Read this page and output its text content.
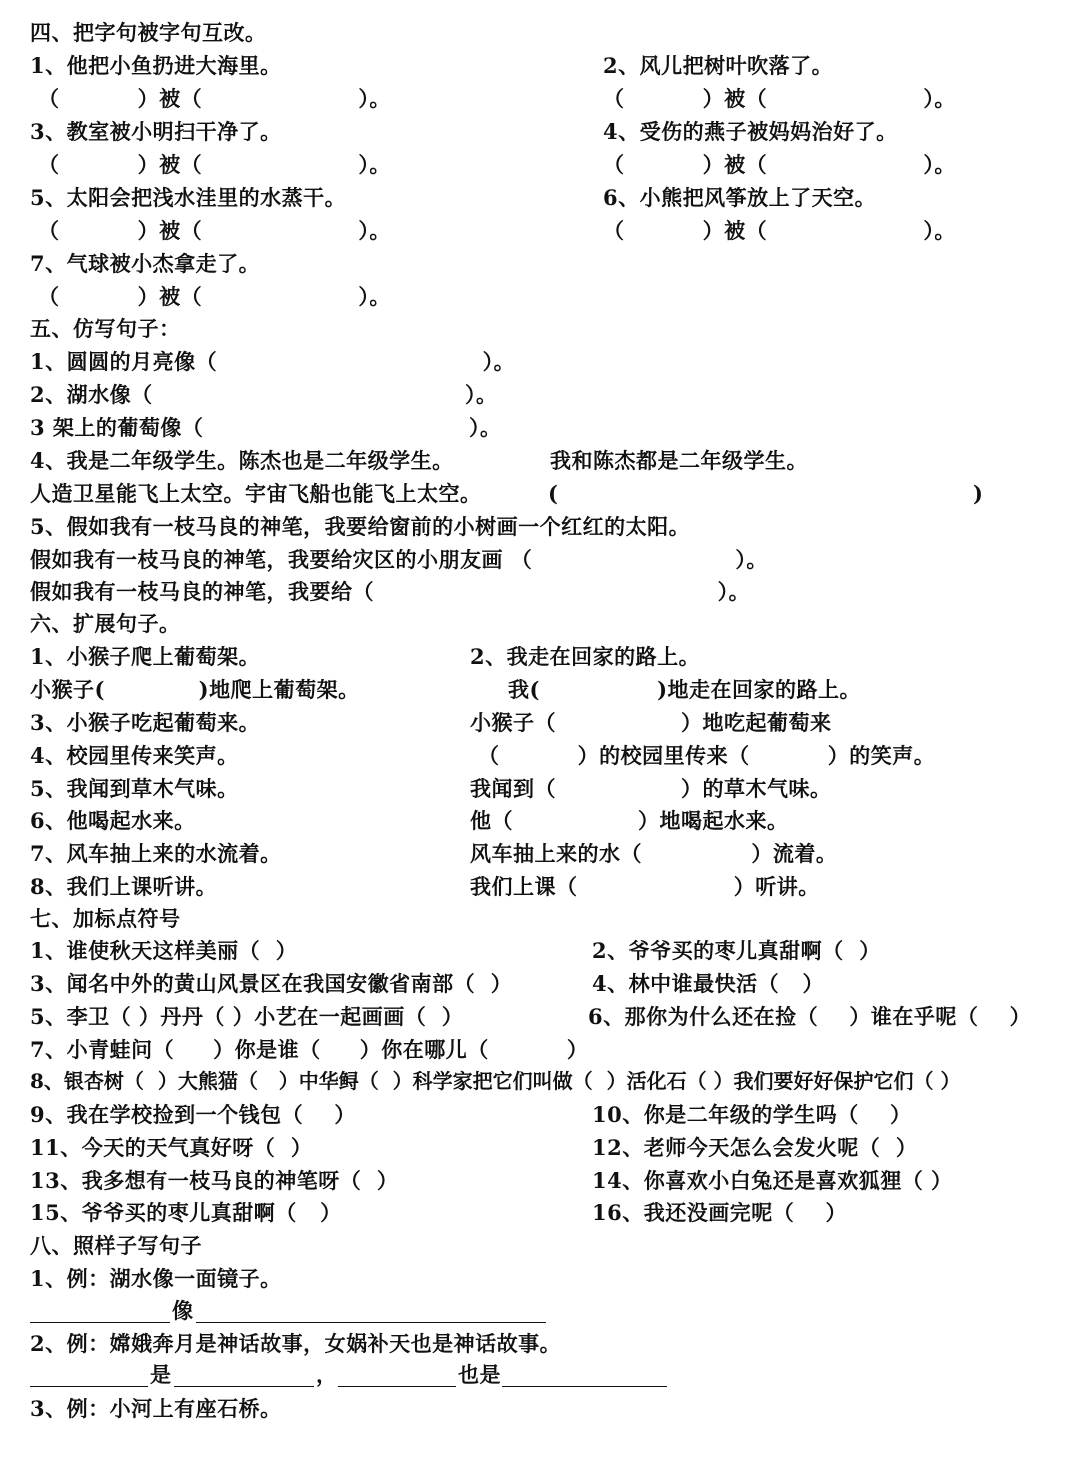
四、把字句被字句互改。
1、他把小鱼扔进大海里。	2、风儿把树叶吹落了。
（          ）被（                    ）。	（          ）被（                    ）。
3、教室被小明扫干净了。	4、受伤的燕子被妈妈治好了。
（          ）被（                    ）。	（          ）被（                    ）。
5、太阳会把浅水洼里的水蒸干。	6、小熊把风筝放上了天空。
（          ）被（                    ）。	（          ）被（                    ）。
7、气球被小杰拿走了。
（          ）被（                    ）。
五、仿写句子：
1、圆圆的月亮像（                                  ）。
2、湖水像（                                        ）。
3 架上的葡萄像（                                  ）。
4、我是二年级学生。陈杰也是二年级学生。	我和陈杰都是二年级学生。
人造卫星能飞上太空。宇宙飞船也能飞上太空。	(	)
5、假如我有一枝马良的神笔，我要给窗前的小树画一个红红的太阳。
假如我有一枝马良的神笔，我要给灾区的小朋友画 （                          ）。
假如我有一枝马良的神笔，我要给（                                            ）。
六、扩展句子。
1、小猴子爬上葡萄架。	2、我走在回家的路上。
小猴子(            )地爬上葡萄架。	我(               )地走在回家的路上。
3、小猴子吃起葡萄来。	小猴子（                ）地吃起葡萄来
4、校园里传来笑声。	（          ）的校园里传来（          ）的笑声。
5、我闻到草木气味。	我闻到（                ）的草木气味。
6、他喝起水来。	他（                ）地喝起水来。
7、风车抽上来的水流着。	风车抽上来的水（              ）流着。
8、我们上课听讲。	我们上课（                    ）听讲。
七、加标点符号
1、谁使秋天这样美丽（  ）	2、爷爷买的枣儿真甜啊（  ）
3、闻名中外的黄山风景区在我国安徽省南部（  ）	4、林中谁最快活（   ）
5、李卫（ ）丹丹（ ）小艺在一起画画（  ）	6、那你为什么还在捡（    ）谁在乎呢（    ）
7、小青蛙问（     ）你是谁（     ）你在哪儿（          ）
8、银杏树（  ）大熊猫（   ）中华鲟（  ）科学家把它们叫做（  ）活化石（ ）我们要好好保护它们（ ）
9、我在学校捡到一个钱包（    ）	10、你是二年级的学生吗（    ）
11、今天的天气真好呀（  ）	12、老师今天怎么会发火呢（  ）
13、我多想有一枝马良的神笔呀（  ）	14、你喜欢小白兔还是喜欢狐狸（ ）
15、爷爷买的枣儿真甜啊（   ）	16、我还没画完呢（    ）
八、照样子写句子
1、例：湖水像一面镜子。
像
2、例：嫦娥奔月是神话故事，女娲补天也是神话故事。
是	，	也是
3、例：小河上有座石桥。
